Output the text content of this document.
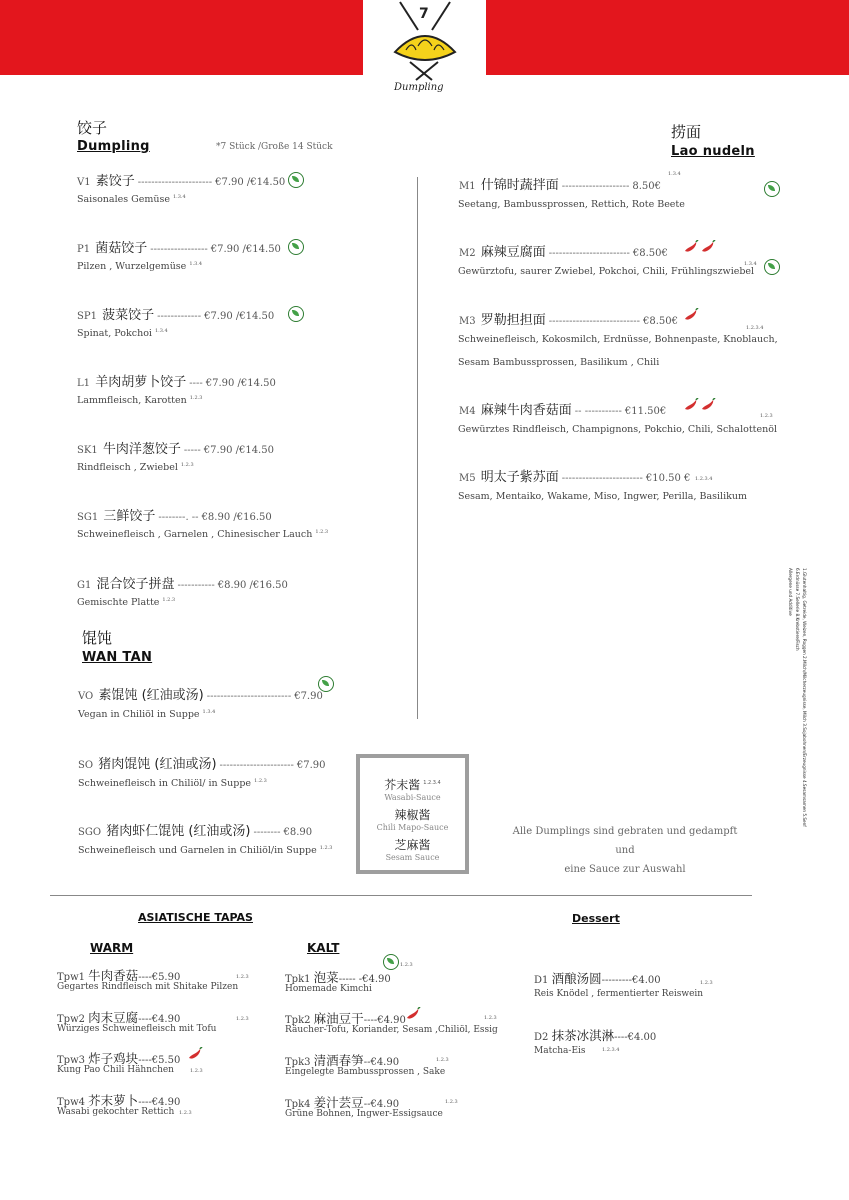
7
Dumpling
饺子
Dumpling	*7 Stück /Große 14 Stück
V1 素饺子 ---------------------- €7.90 /€14.50
Saisonales Gemüse $^{1.3.4}$
P1 菌菇饺子 ----------------- €7.90 /€14.50
Pilzen , Wurzelgemüse $^{1.3.4}$
SP1 菠菜饺子 ------------- €7.90 /€14.50
Spinat, Pokchoi $^{1.3.4}$
L1 羊肉胡萝卜饺子 ---- €7.90 /€14.50
Lammfleisch, Karotten $^{1.2.3}$
SK1 牛肉洋葱饺子 ----- €7.90 /€14.50
Rindfleisch , Zwiebel $^{1.2.3}$
SG1 三鲜饺子 --------. -- €8.90 /€16.50
Schweinefleisch , Garnelen , Chinesischer Lauch $^{1.2.3}$
G1 混合饺子拼盘 ----------- €8.90 /€16.50
Gemischte Platte $^{1.2.3}$
馄饨
WAN TAN
VO 素馄饨 (红油或汤) ------------------------- €7.90
Vegan in Chiliöl in Suppe $^{1.3.4}$
SO 猪肉馄饨 (红油或汤) ---------------------- €7.90
Schweinefleisch in Chiliöl/ in Suppe $^{1.2.3}$
SGO 猪肉虾仁馄饨 (红油或汤) -------- €8.90
Schweinefleisch und Garnelen in Chiliöl/in Suppe $^{1.2.3}$
捞面
Lao nudeln
M1 什锦时蔬拌面 -------------------- 8.50€
Seetang, Bambussprossen, Rettich, Rote Beete
1.3.4
M2 麻辣豆腐面 ------------------------ €8.50€
Gewürztofu, saurer Zwiebel, Pokchoi, Chili, Frühlingszwiebel
1.3.4
M3 罗勒担担面 --------------------------- €8.50€
Schweinefleisch, Kokosmilch, Erdnüsse, Bohnenpaste, Knoblauch,
Sesam Bambussprossen, Basilikum , Chili
1.2.3.4
M4 麻辣牛肉香菇面 -- ----------- €11.50€
Gewürztes Rindfleisch, Champignons, Pokchio, Chili, Schalottenöl
1.2.3
M5 明太子紫苏面 ------------------------ €10.50 €
Sesam, Mentaiko, Wakame, Miso, Ingwer, Perilla, Basilikum
1.2.3.4
芥末酱 $^{1.2.3.4}$
Wasabi-Sauce
辣椒酱
Chili Mapo-Sauce
芝麻酱
Sesam Sauce
Alle Dumplings sind gebraten und gedampft
und
eine Sauce zur Auswahl
ASIATISCHE TAPAS
WARM	KALT
Tpw1 牛肉香菇----€5.90
Gegartes Rindfleisch mit Shitake Pilzen
1.2.3
Tpw2 肉末豆腐----€4.90
Würziges Schweinefleisch mit Tofu
1.2.3
Tpw3 炸子鸡块----€5.50
Kung Pao Chili Hähnchen	1.2.3
Tpw4 芥末萝卜----€4.90
Wasabi gekochter Rettich 1.2.3
Tpk1 泡菜----- -€4.90
Homemade Kimchi
1.2.3
Tpk2 麻油豆干----€4.90
Räucher-Tofu, Koriander, Sesam ,Chiliöl, Essig
1.2.3
Tpk3 清酒春笋--€4.90
Eingelegte Bambussprossen , Sake
1.2.3
Tpk4 姜汁芸豆--€4.90
Grüne Bohnen, Ingwer-Essigsauce
1.2.3
Dessert
D1 酒酿汤圆---------€4.00
Reis Knödel , fermentierter Reiswein
1.2.3
D2 抹茶冰淇淋----€4.00
Matcha-Eis	1.2.3.4
1.Glutenhaltig, Getreide, Weizen, Roggen 2.Milch/Milcherzeugnisse, Milch 3.Sojabohnen/Erzeugnisse 4.Sesamsamen 5.Senf 6.Erdnüsse 7.Sellerie 8.Krebstiere/Fisch
Allergene und Additive
